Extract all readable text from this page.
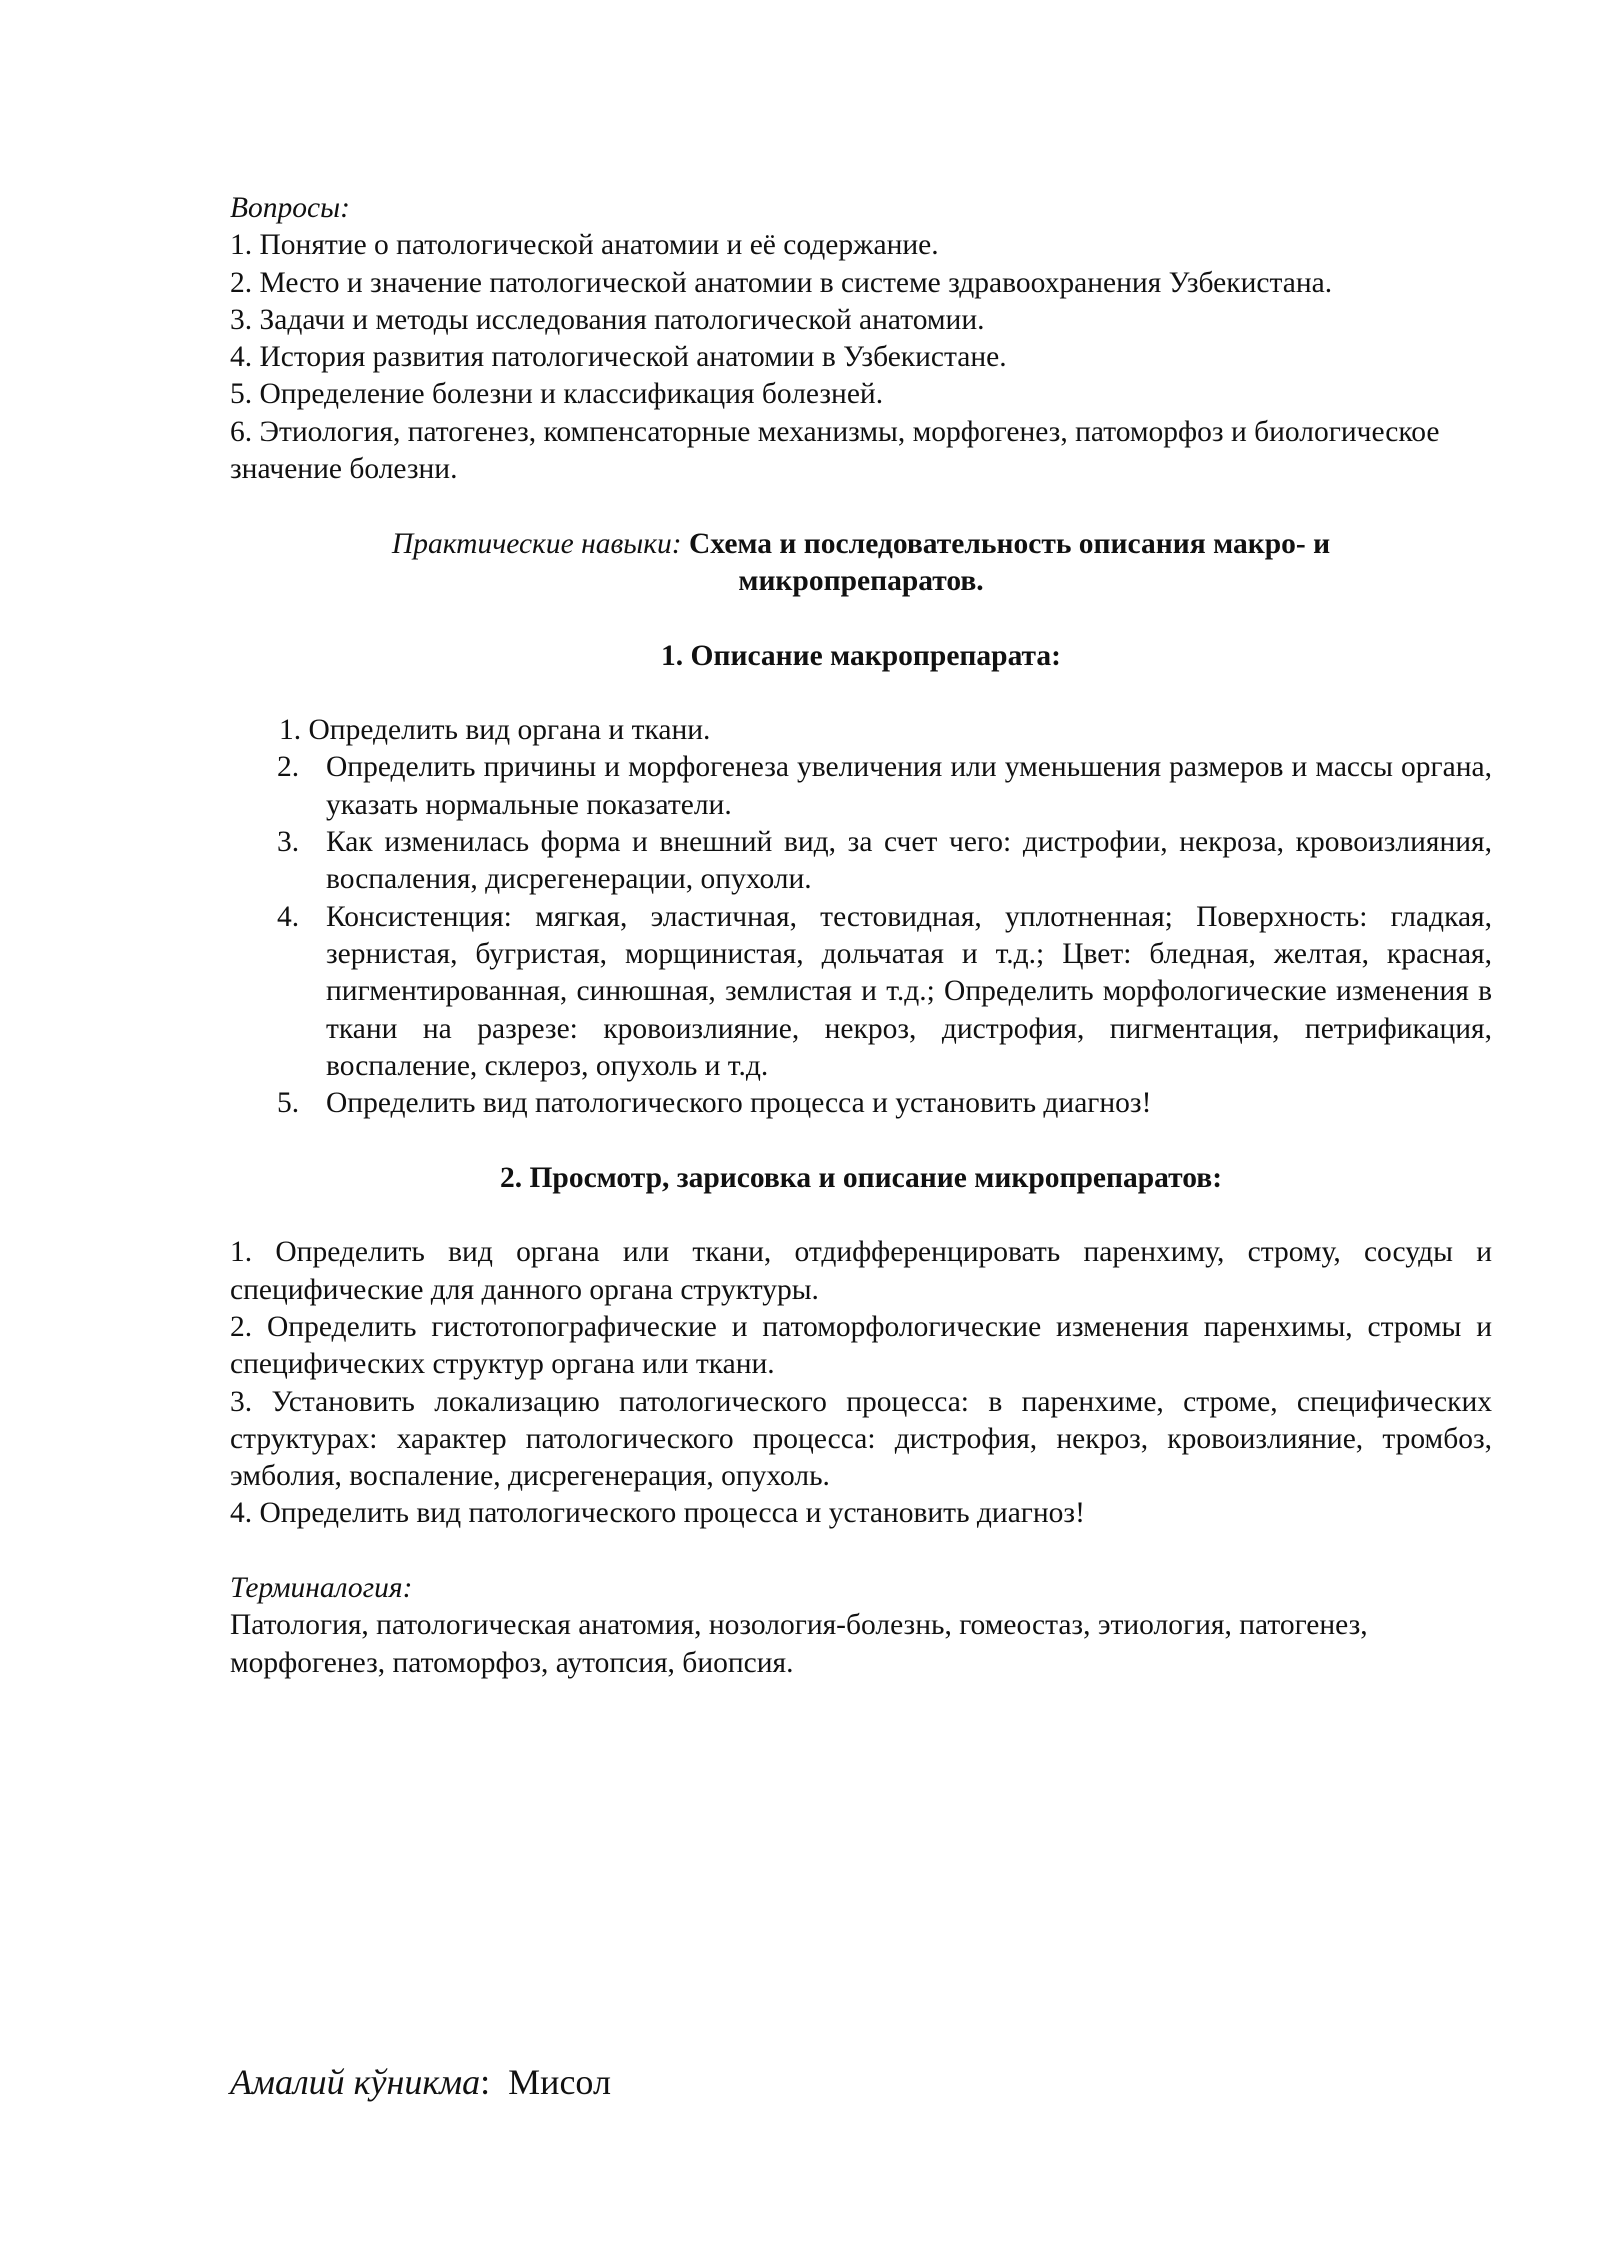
Вопросы:
1. Понятие о патологической анатомии и её содержание.
2. Место и значение патологической анатомии в системе здравоохранения Узбекистана.
3. Задачи и методы исследования патологической анатомии.
4. История развития патологической анатомии в Узбекистане.
5. Определение болезни и классификация болезней.
6. Этиология, патогенез, компенсаторные механизмы, морфогенез, патоморфоз и биологическое значение болезни.
Практические навыки: Схема и последовательность описания макро- и микропрепаратов.
1. Описание макропрепарата:
1. Определить вид органа и ткани.
2. Определить причины и морфогенеза увеличения или уменьшения размеров и массы органа, указать нормальные показатели.
3. Как изменилась форма и внешний вид, за счет чего: дистрофии, некроза, кровоизлияния, воспаления, дисрегенерации, опухоли.
4. Консистенция: мягкая, эластичная, тестовидная, уплотненная; Поверхность: гладкая, зернистая, бугристая, морщинистая, дольчатая и т.д.; Цвет: бледная, желтая, красная, пигментированная, синюшная, землистая и т.д.; Определить морфологические изменения в ткани на разрезе: кровоизлияние, некроз, дистрофия, пигментация, петрификация, воспаление, склероз, опухоль и т.д.
5. Определить вид патологического процесса и установить диагноз!
2. Просмотр, зарисовка и описание микропрепаратов:
1. Определить вид органа или ткани, отдифференцировать паренхиму, строму, сосуды и специфические для данного органа структуры.
2. Определить гистотопографические и патоморфологические изменения паренхимы, стромы и специфических структур органа или ткани.
3. Установить локализацию патологического процесса: в паренхиме, строме, специфических структурах: характер патологического процесса: дистрофия, некроз, кровоизлияние, тромбоз, эмболия, воспаление, дисрегенерация, опухоль.
4. Определить вид патологического процесса и установить диагноз!
Терминалогия:
Патология, патологическая анатомия, нозология-болезнь, гомеостаз, этиология, патогенез, морфогенез, патоморфоз, аутопсия, биопсия.
Амалий кўникма: Мисол
